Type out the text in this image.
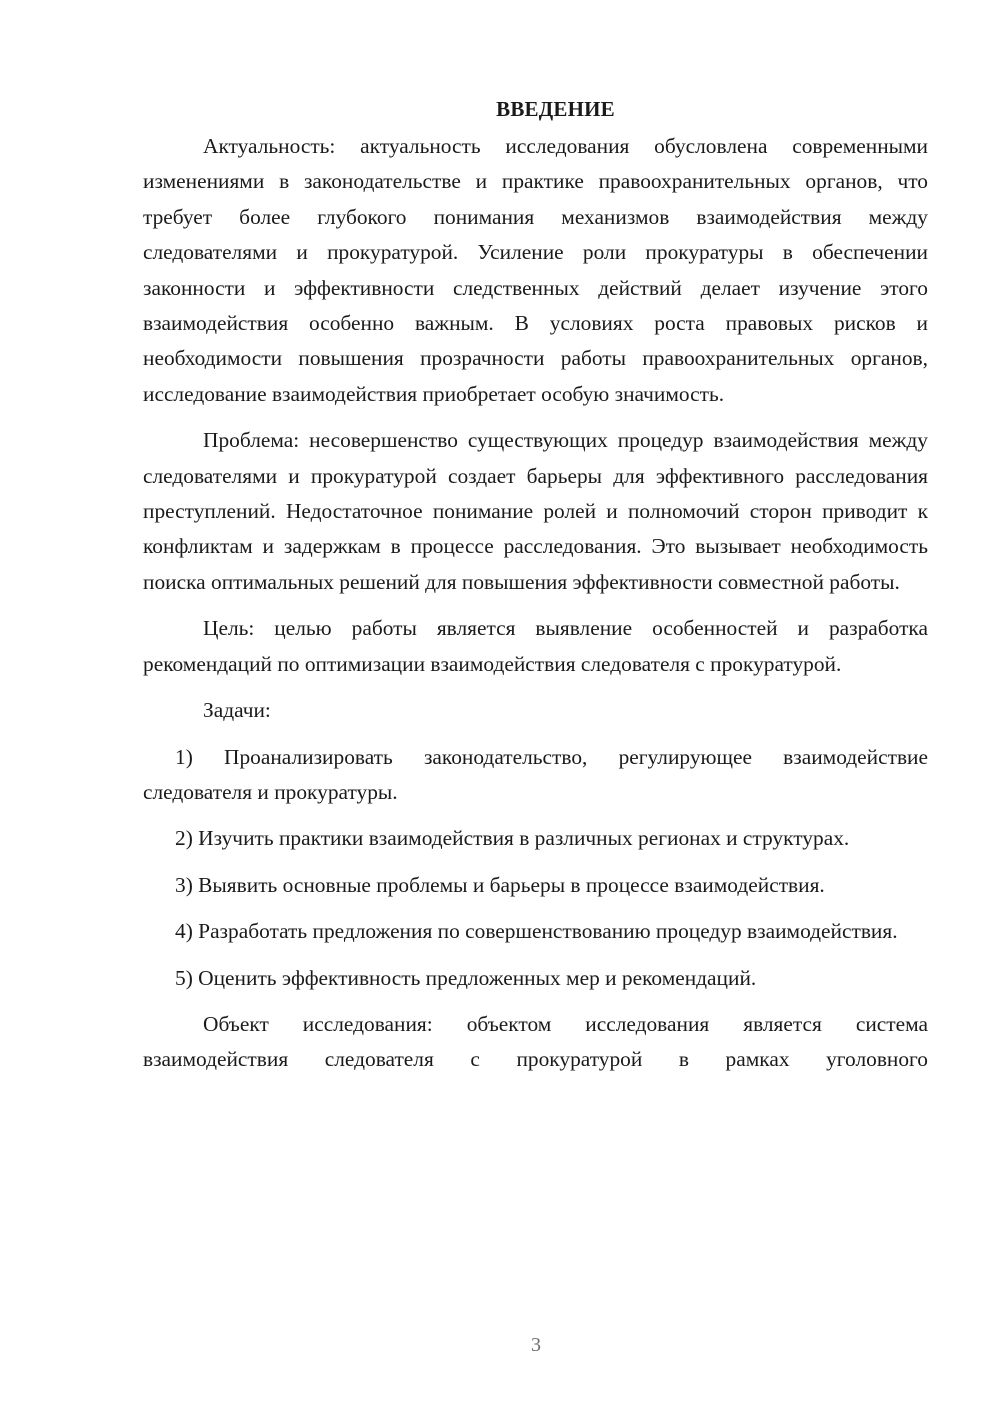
ВВЕДЕНИЕ

Актуальность: актуальность исследования обусловлена современными изменениями в законодательстве и практике правоохранительных органов, что требует более глубокого понимания механизмов взаимодействия между следователями и прокуратурой. Усиление роли прокуратуры в обеспечении законности и эффективности следственных действий делает изучение этого взаимодействия особенно важным. В условиях роста правовых рисков и необходимости повышения прозрачности работы правоохранительных органов, исследование взаимодействия приобретает особую значимость.

Проблема: несовершенство существующих процедур взаимодействия между следователями и прокуратурой создает барьеры для эффективного расследования преступлений. Недостаточное понимание ролей и полномочий сторон приводит к конфликтам и задержкам в процессе расследования. Это вызывает необходимость поиска оптимальных решений для повышения эффективности совместной работы.

Цель: целью работы является выявление особенностей и разработка рекомендаций по оптимизации взаимодействия следователя с прокуратурой.

Задачи:

1) Проанализировать законодательство, регулирующее взаимодействие следователя и прокуратуры.

2) Изучить практики взаимодействия в различных регионах и структурах.

3) Выявить основные проблемы и барьеры в процессе взаимодействия.

4) Разработать предложения по совершенствованию процедур взаимодействия.

5) Оценить эффективность предложенных мер и рекомендаций.

Объект исследования: объектом исследования является система взаимодействия следователя с прокуратурой в рамках уголовного

3
